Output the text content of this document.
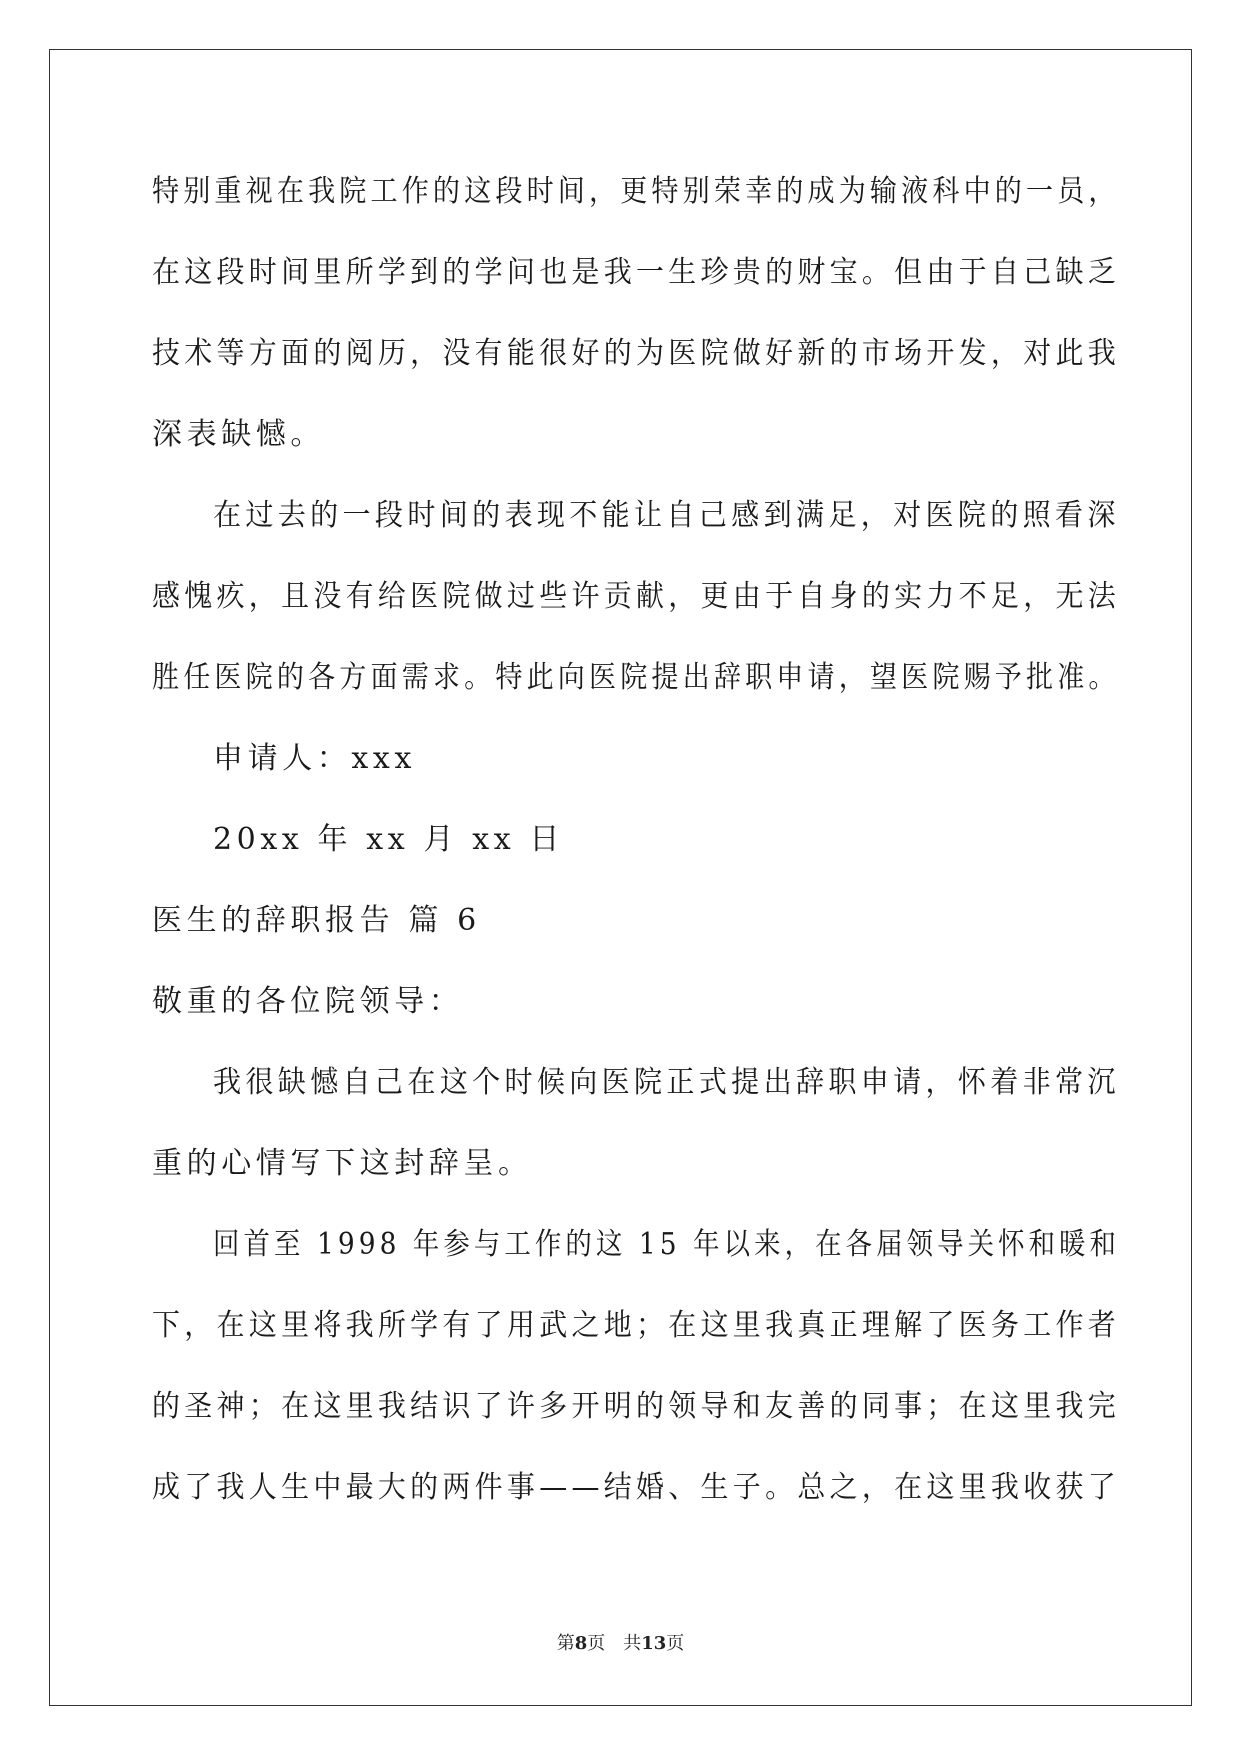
特别重视在我院工作的这段时间，更特别荣幸的成为输液科中的一员，
在这段时间里所学到的学问也是我一生珍贵的财宝。但由于自己缺乏
技术等方面的阅历，没有能很好的为医院做好新的市场开发，对此我
深表缺憾。
在过去的一段时间的表现不能让自己感到满足，对医院的照看深
感愧疚，且没有给医院做过些许贡献，更由于自身的实力不足，无法
胜任医院的各方面需求。特此向医院提出辞职申请，望医院赐予批准。
申请人：xxx
20xx 年 xx 月 xx 日
医生的辞职报告 篇 6
敬重的各位院领导：
我很缺憾自己在这个时候向医院正式提出辞职申请，怀着非常沉
重的心情写下这封辞呈。
回首至 1998 年参与工作的这 15 年以来，在各届领导关怀和暖和
下，在这里将我所学有了用武之地；在这里我真正理解了医务工作者
的圣神；在这里我结识了许多开明的领导和友善的同事；在这里我完
成了我人生中最大的两件事——结婚、生子。总之，在这里我收获了
第8页　共13页
